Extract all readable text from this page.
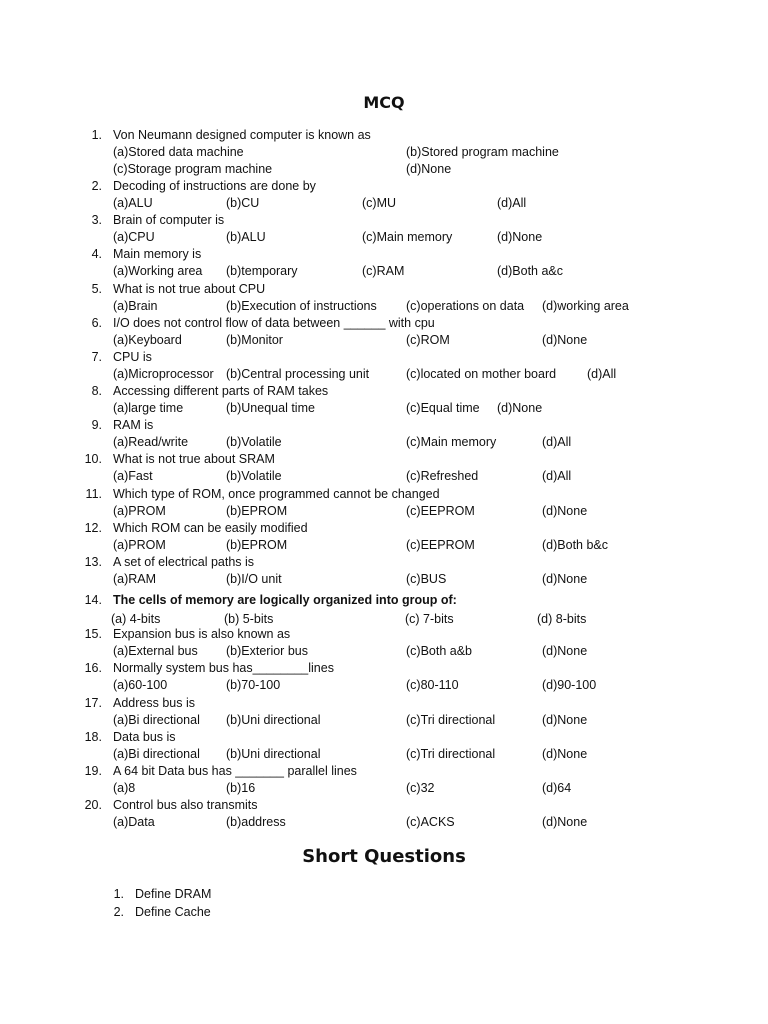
MCQ
1. Von Neumann designed computer is known as
(a)Stored data machine	(b)Stored program machine
(c)Storage program machine	(d)None
2. Decoding of instructions are done by
(a)ALU	(b)CU	(c)MU	(d)All
3. Brain of computer is
(a)CPU	(b)ALU	(c)Main memory	(d)None
4. Main memory is
(a)Working area (b)temporary	(c)RAM	(d)Both a&c
5. What is not true about CPU
(a)Brain	(b)Execution of instructions (c)operations on data (d)working area
6. I/O does not control flow of data between ______ with cpu
(a)Keyboard	(b)Monitor	(c)ROM	(d)None
7. CPU is
(a)Microprocessor (b)Central processing unit	(c)located on mother board (d)All
8. Accessing different parts of RAM takes
(a)large time	(b)Unequal time	(c)Equal time (d)None
9. RAM is
(a)Read/write	(b)Volatile	(c)Main memory	(d)All
10. What is not true about SRAM
(a)Fast	(b)Volatile	(c)Refreshed	(d)All
11. Which type of ROM, once programmed cannot be changed
(a)PROM	(b)EPROM	(c)EEPROM	(d)None
12. Which ROM can be easily modified
(a)PROM	(b)EPROM	(c)EEPROM	(d)Both b&c
13. A set of electrical paths is
(a)RAM	(b)I/O unit	(c)BUS	(d)None
14. The cells of memory are logically organized into group of:
(a) 4-bits	(b) 5-bits	(c) 7-bits	(d) 8-bits
15. Expansion bus is also known as
(a)External bus (b)Exterior bus	(c)Both a&b	(d)None
16. Normally system bus has________lines
(a)60-100	(b)70-100	(c)80-110	(d)90-100
17. Address bus is
(a)Bi directional (b)Uni directional	(c)Tri directional	(d)None
18. Data bus is
(a)Bi directional (b)Uni directional	(c)Tri directional	(d)None
19. A 64 bit Data bus has _______ parallel lines
(a)8	(b)16	(c)32	(d)64
20. Control bus also transmits
(a)Data	(b)address	(c)ACKS	(d)None
Short Questions
1. Define DRAM
2. Define Cache
